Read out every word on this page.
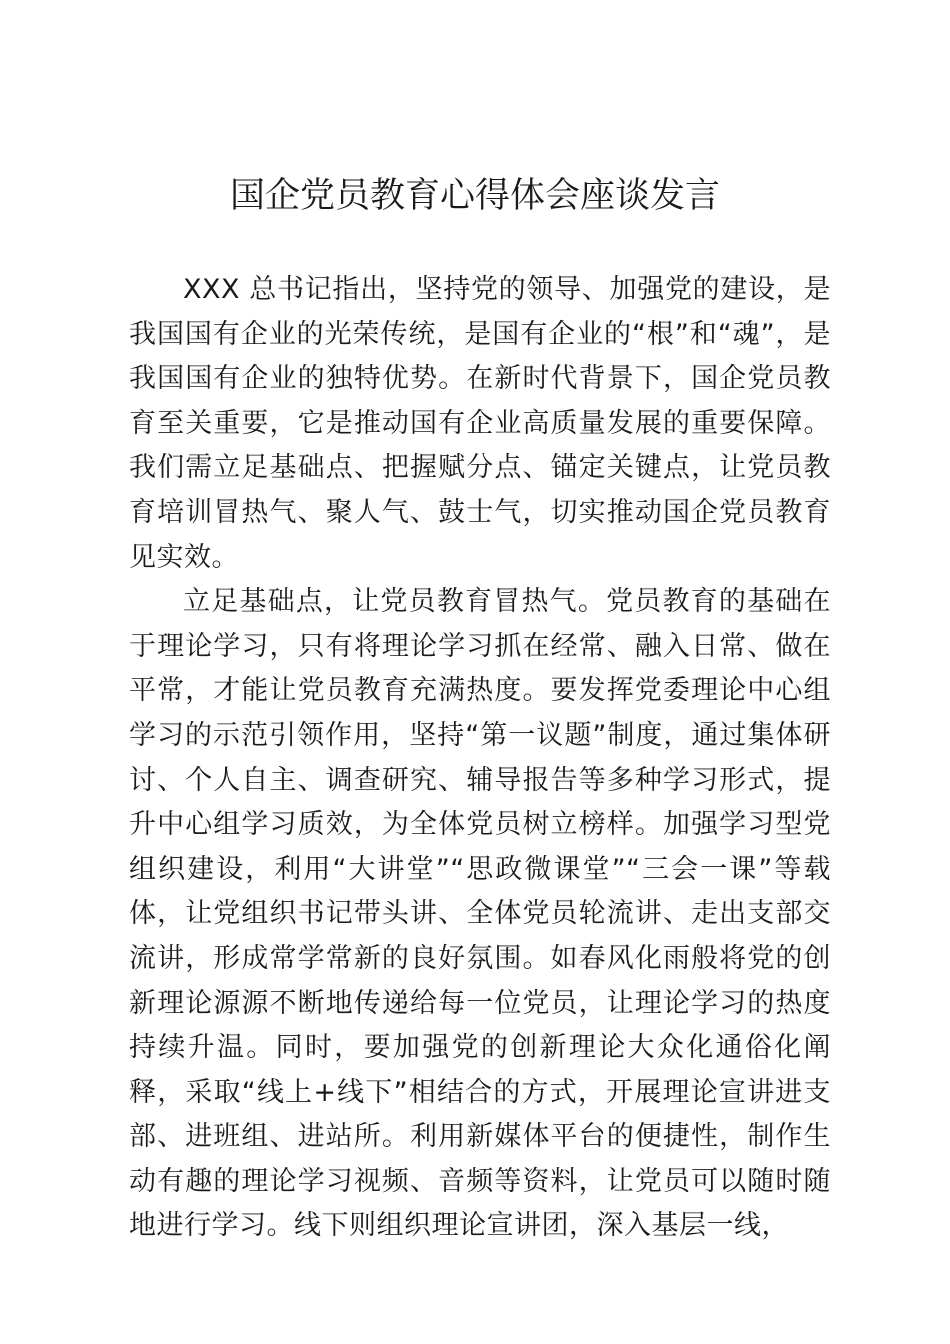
国企党员教育心得体会座谈发言

XXX 总书记指出，坚持党的领导、加强党的建设，是我国国有企业的光荣传统，是国有企业的“根”和“魂”，是我国国有企业的独特优势。在新时代背景下，国企党员教育至关重要，它是推动国有企业高质量发展的重要保障。我们需立足基础点、把握赋分点、锚定关键点，让党员教育培训冒热气、聚人气、鼓士气，切实推动国企党员教育见实效。

立足基础点，让党员教育冒热气。党员教育的基础在于理论学习，只有将理论学习抓在经常、融入日常、做在平常，才能让党员教育充满热度。要发挥党委理论中心组学习的示范引领作用，坚持“第一议题”制度，通过集体研讨、个人自主、调查研究、辅导报告等多种学习形式，提升中心组学习质效，为全体党员树立榜样。加强学习型党组织建设，利用“大讲堂”“思政微课堂”“三会一课”等载体，让党组织书记带头讲、全体党员轮流讲、走出支部交流讲，形成常学常新的良好氛围。如春风化雨般将党的创新理论源源不断地传递给每一位党员，让理论学习的热度持续升温。同时，要加强党的创新理论大众化通俗化阐释，采取“线上+线下”相结合的方式，开展理论宣讲进支部、进班组、进站所。利用新媒体平台的便捷性，制作生动有趣的理论学习视频、音频等资料，让党员可以随时随地进行学习。线下则组织理论宣讲团，深入基层一线，
